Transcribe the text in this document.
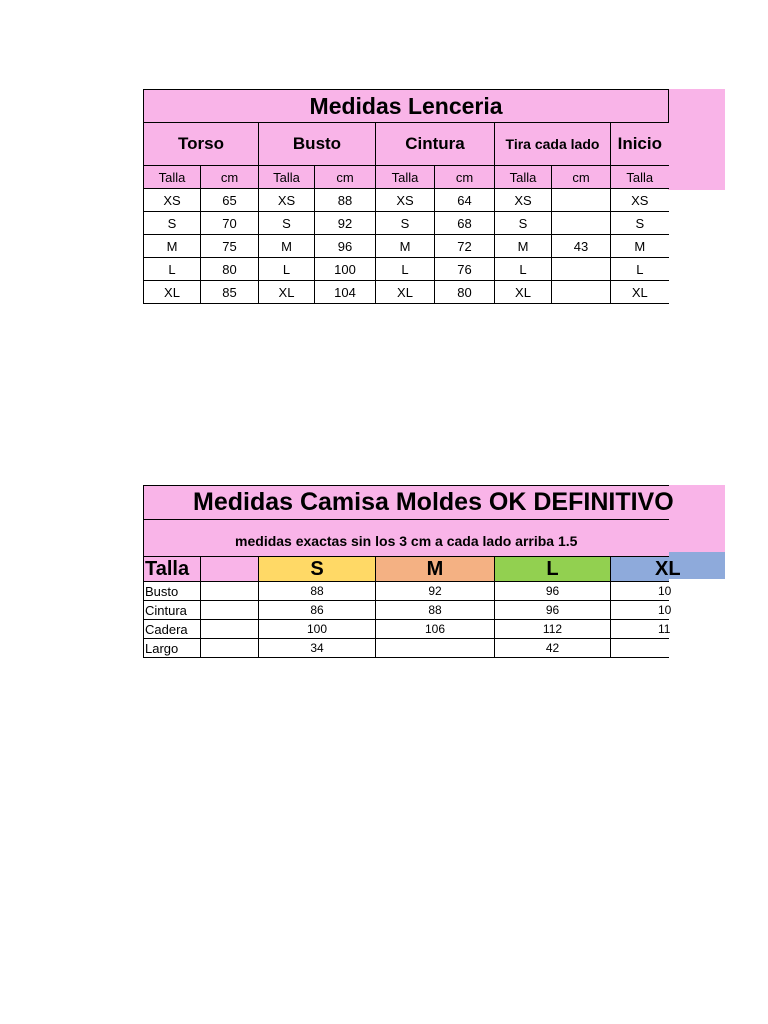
Medidas Lenceria								
Torso		Busto		Cintura		Tira cada lado		Inicio
Talla	cm	Talla	cm	Talla	cm	Talla	cm	Talla
XS	65	XS	88	XS	64	XS		XS
S	70	S	92	S	68	S		S
M	75	M	96	M	72	M	43	M
L	80	L	100	L	76	L		L
XL	85	XL	104	XL	80	XL		XL
Medidas Camisa Moldes OK DEFINITIVO					
medidas exactas sin los 3 cm a cada lado arriba 1.5					
Talla		S	M	L	XL
Busto		88	92	96	10
Cintura		86	88	96	10
Cadera		100	106	112	11
Largo		34		42	
